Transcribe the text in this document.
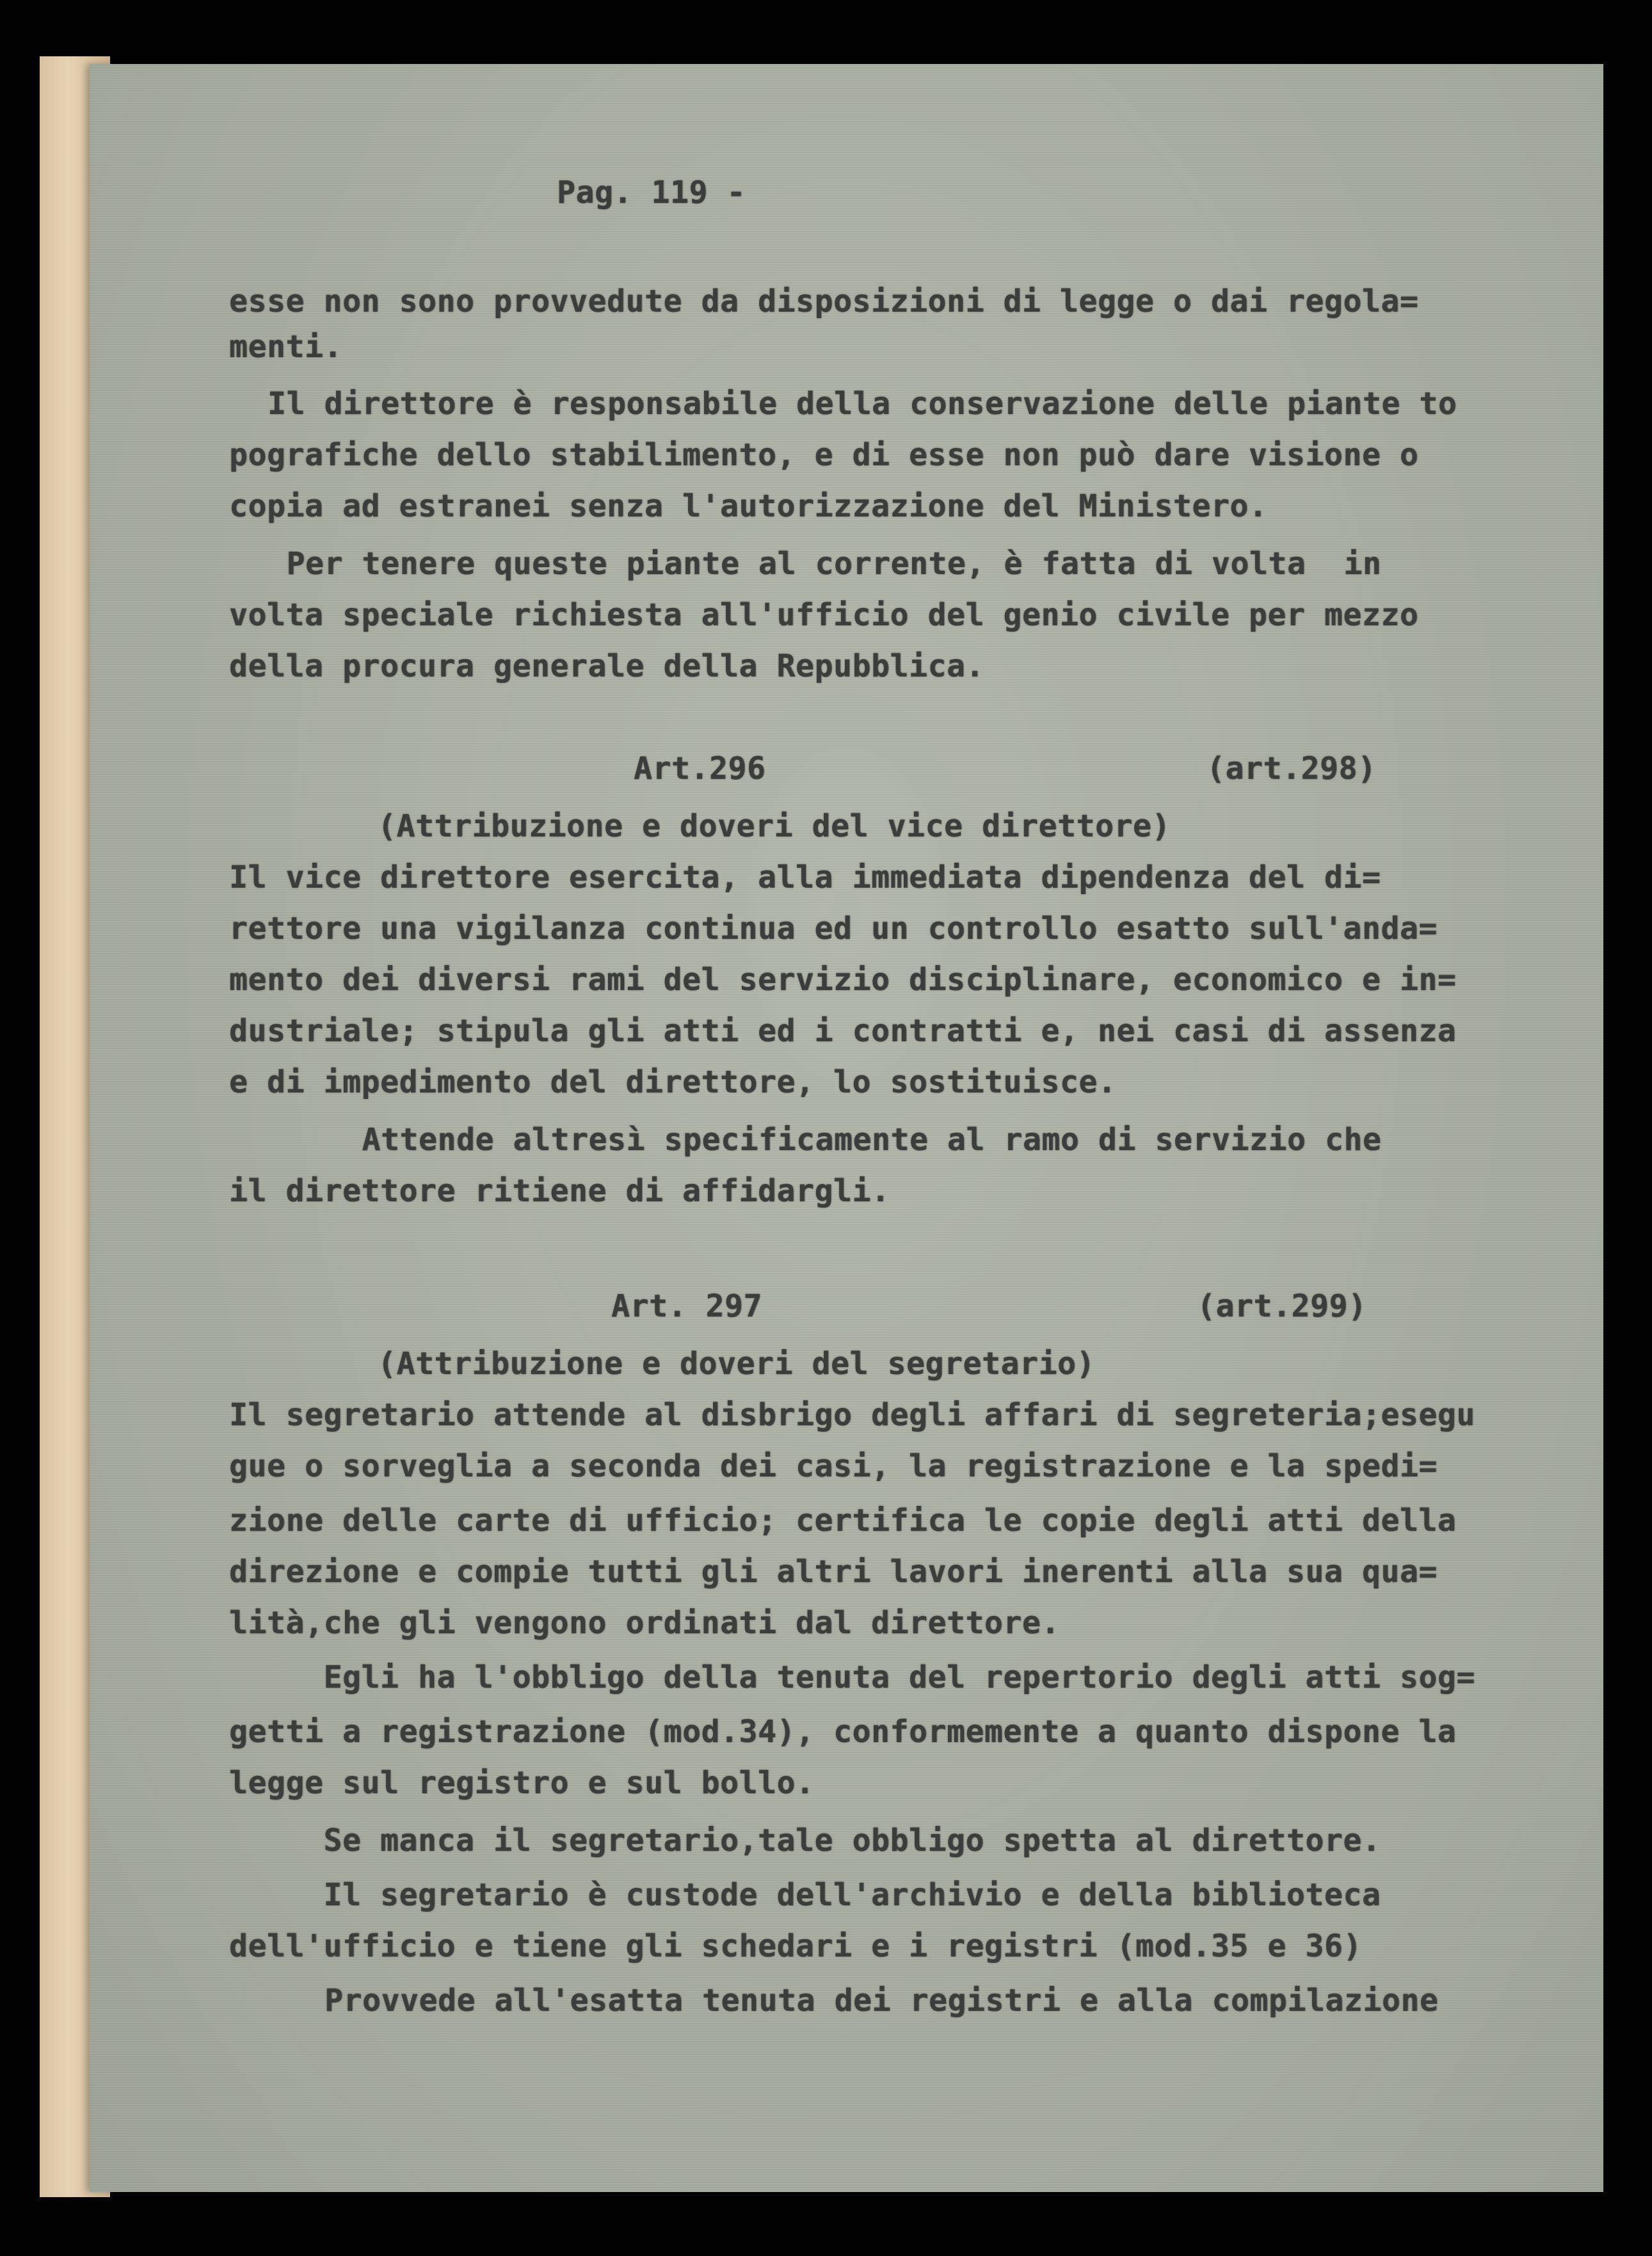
Pag. 119 -
esse non sono provvedute da disposizioni di legge o dai regola=
menti.
Il direttore è responsabile della conservazione delle piante to
pografiche dello stabilimento, e di esse non può dare visione o
copia ad estranei senza l'autorizzazione del Ministero.
Per tenere queste piante al corrente, è fatta di volta  in
volta speciale richiesta all'ufficio del genio civile per mezzo
della procura generale della Repubblica.
Art.296	(art.298)
(Attribuzione e doveri del vice direttore)
Il vice direttore esercita, alla immediata dipendenza del di=
rettore una vigilanza continua ed un controllo esatto sull'anda=
mento dei diversi rami del servizio disciplinare, economico e in=
dustriale; stipula gli atti ed i contratti e, nei casi di assenza
e di impedimento del direttore, lo sostituisce.
Attende altresì specificamente al ramo di servizio che
il direttore ritiene di affidargli.
Art. 297	(art.299)
(Attribuzione e doveri del segretario)
Il segretario attende al disbrigo degli affari di segreteria;esegu
gue o sorveglia a seconda dei casi, la registrazione e la spedi=
zione delle carte di ufficio; certifica le copie degli atti della
direzione e compie tutti gli altri lavori inerenti alla sua qua=
lità,che gli vengono ordinati dal direttore.
Egli ha l'obbligo della tenuta del repertorio degli atti sog=
getti a registrazione (mod.34), conformemente a quanto dispone la
legge sul registro e sul bollo.
Se manca il segretario,tale obbligo spetta al direttore.
Il segretario è custode dell'archivio e della biblioteca
dell'ufficio e tiene gli schedari e i registri (mod.35 e 36)
Provvede all'esatta tenuta dei registri e alla compilazione
